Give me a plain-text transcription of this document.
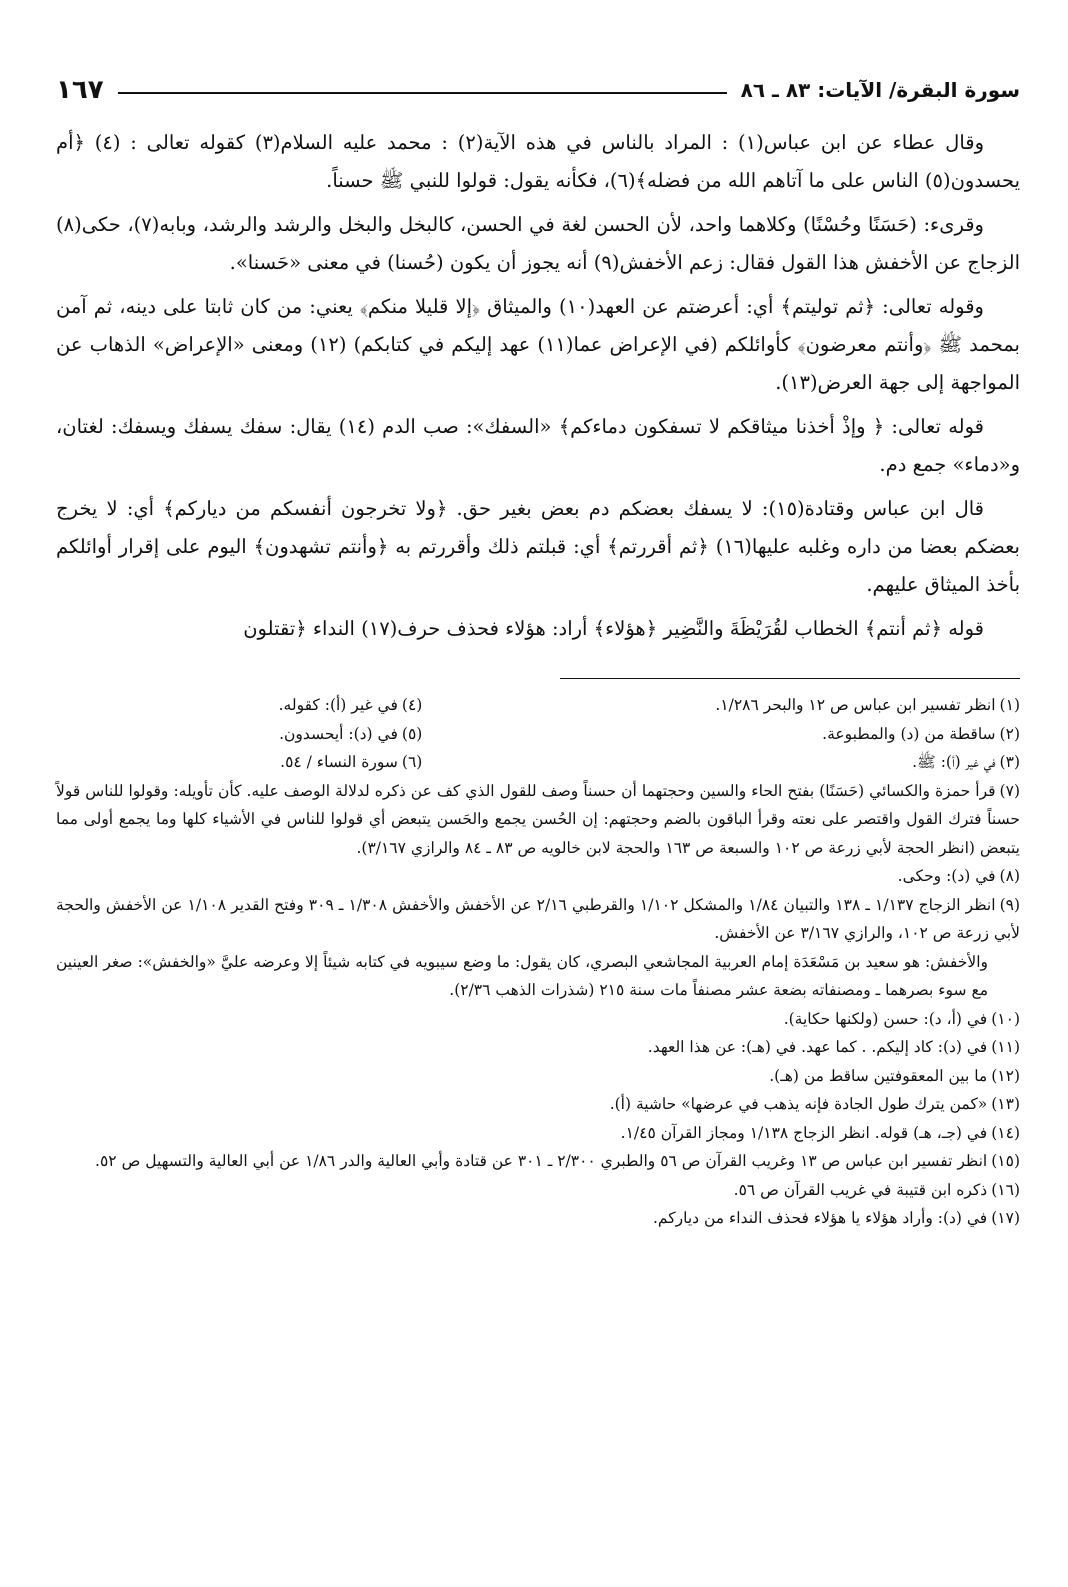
سورة البقرة/ الآيات: ٨٣ ـ ٨٦
١٦٧

وقال عطاء عن ابن عباس(١) : المراد بالناس في هذه الآية(٢) : محمد عليه السلام(٣) كقوله تعالى : (٤) ﴿أم يحسدون(٥) الناس على ما آتاهم الله من فضله﴾(٦)، فكأنه يقول: قولوا للنبي ﷺ حسناً.

وقرىء: (حَسَنًا وحُسْنًا) وكلاهما واحد، لأن الحسن لغة في الحسن، كالبخل والبخل والرشد والرشد، وبابه(٧)، حكى(٨) الزجاج عن الأخفش هذا القول فقال: زعم الأخفش(٩) أنه يجوز أن يكون (حُسنا) في معنى «حَسنا».

وقوله تعالى: ﴿ثم توليتم﴾ أي: أعرضتم عن العهد(١٠) والميثاق ﴿إلا قليلا منكم﴾ يعني: من كان ثابتا على دينه، ثم آمن بمحمد ﷺ ﴿وأنتم معرضون﴾ كأوائلكم (في الإعراض عما(١١) عهد إليكم في كتابكم) (١٢) ومعنى «الإعراض» الذهاب عن المواجهة إلى جهة العرض(١٣).

قوله تعالى: ﴿ وإذْ أخذنا ميثاقكم لا تسفكون دماءكم﴾ «السفك»: صب الدم (١٤) يقال: سفك يسفك ويسفك: لغتان، و«دماء» جمع دم.

قال ابن عباس وقتادة(١٥): لا يسفك بعضكم دم بعض بغير حق. ﴿ولا تخرجون أنفسكم من دياركم﴾ أي: لا يخرج بعضكم بعضا من داره وغلبه عليها(١٦) ﴿ثم أقررتم﴾ أي: قبلتم ذلك وأقررتم به ﴿وأنتم تشهدون﴾ اليوم على إقرار أوائلكم بأخذ الميثاق عليهم.

قوله ﴿ثم أنتم﴾ الخطاب لقُرَيْظَةَ والنَّضِير ﴿هؤلاء﴾ أراد: هؤلاء فحذف حرف(١٧) النداء ﴿تقتلون

(١)انظر تفسير ابن عباس ص ١٢ والبحر ١/٢٨٦.
(٢)ساقطة من (د) والمطبوعة.
(٣)في غير (أ): ﷺ.
(٤)في غير (أ): كقوله.
(٥)في (د): أيحسدون.
(٦)سورة النساء / ٥٤.
(٧)قرأ حمزة والكسائي (حَسَنًا) بفتح الحاء والسين وحجتهما أن حسناً وصف للقول الذي كف عن ذكره لدلالة الوصف عليه. كأن تأويله: وقولوا للناس قولاً حسناً فترك القول واقتصر على نعته وقرأ الباقون بالضم وحجتهم: إن الحُسن يجمع والحَسن يتبعض أي قولوا للناس في الأشياء كلها وما يجمع أولى مما يتبعض (انظر الحجة لأبي زرعة ص ١٠٢ والسبعة ص ١٦٣ والحجة لابن خالويه ص ٨٣ ـ ٨٤ والرازي ٣/١٦٧).
(٨)في (د): وحكى.
(٩)انظر الزجاج ١/١٣٧ ـ ١٣٨ والتبيان ١/٨٤ والمشكل ١/١٠٢ والقرطبي ٢/١٦ عن الأخفش والأخفش ١/٣٠٨ ـ ٣٠٩ وفتح القدير ١/١٠٨ عن الأخفش والحجة لأبي زرعة ص ١٠٢، والرازي ٣/١٦٧ عن الأخفش.
والأخفش: هو سعيد بن مَسْعَدَة إمام العربية المجاشعي البصري، كان يقول: ما وضع سيبويه في كتابه شيئاً إلا وعرضه عليَّ «والخفش»: صغر العينين مع سوء بصرهما ـ ومصنفاته بضعة عشر مصنفاً مات سنة ٢١٥ (شذرات الذهب ٢/٣٦).
(١٠)في (أ، د): حسن (ولكنها حكاية).
(١١)في (د): كاد إليكم. . كما عهد. في (هـ): عن هذا العهد.
(١٢)ما بين المعقوفتين ساقط من (هـ).
(١٣)«كمن يترك طول الجادة فإنه يذهب في عرضها» حاشية (أ).
(١٤)في (جـ، هـ) قوله. انظر الزجاج ١/١٣٨ ومجاز القرآن ١/٤٥.
(١٥)انظر تفسير ابن عباس ص ١٣ وغريب القرآن ص ٥٦ والطبري ٢/٣٠٠ ـ ٣٠١ عن قتادة وأبي العالية والدر ١/٨٦ عن أبي العالية والتسهيل ص ٥٢.
(١٦)ذكره ابن قتيبة في غريب القرآن ص ٥٦.
(١٧)في (د): وأراد هؤلاء يا هؤلاء فحذف النداء من دياركم.
